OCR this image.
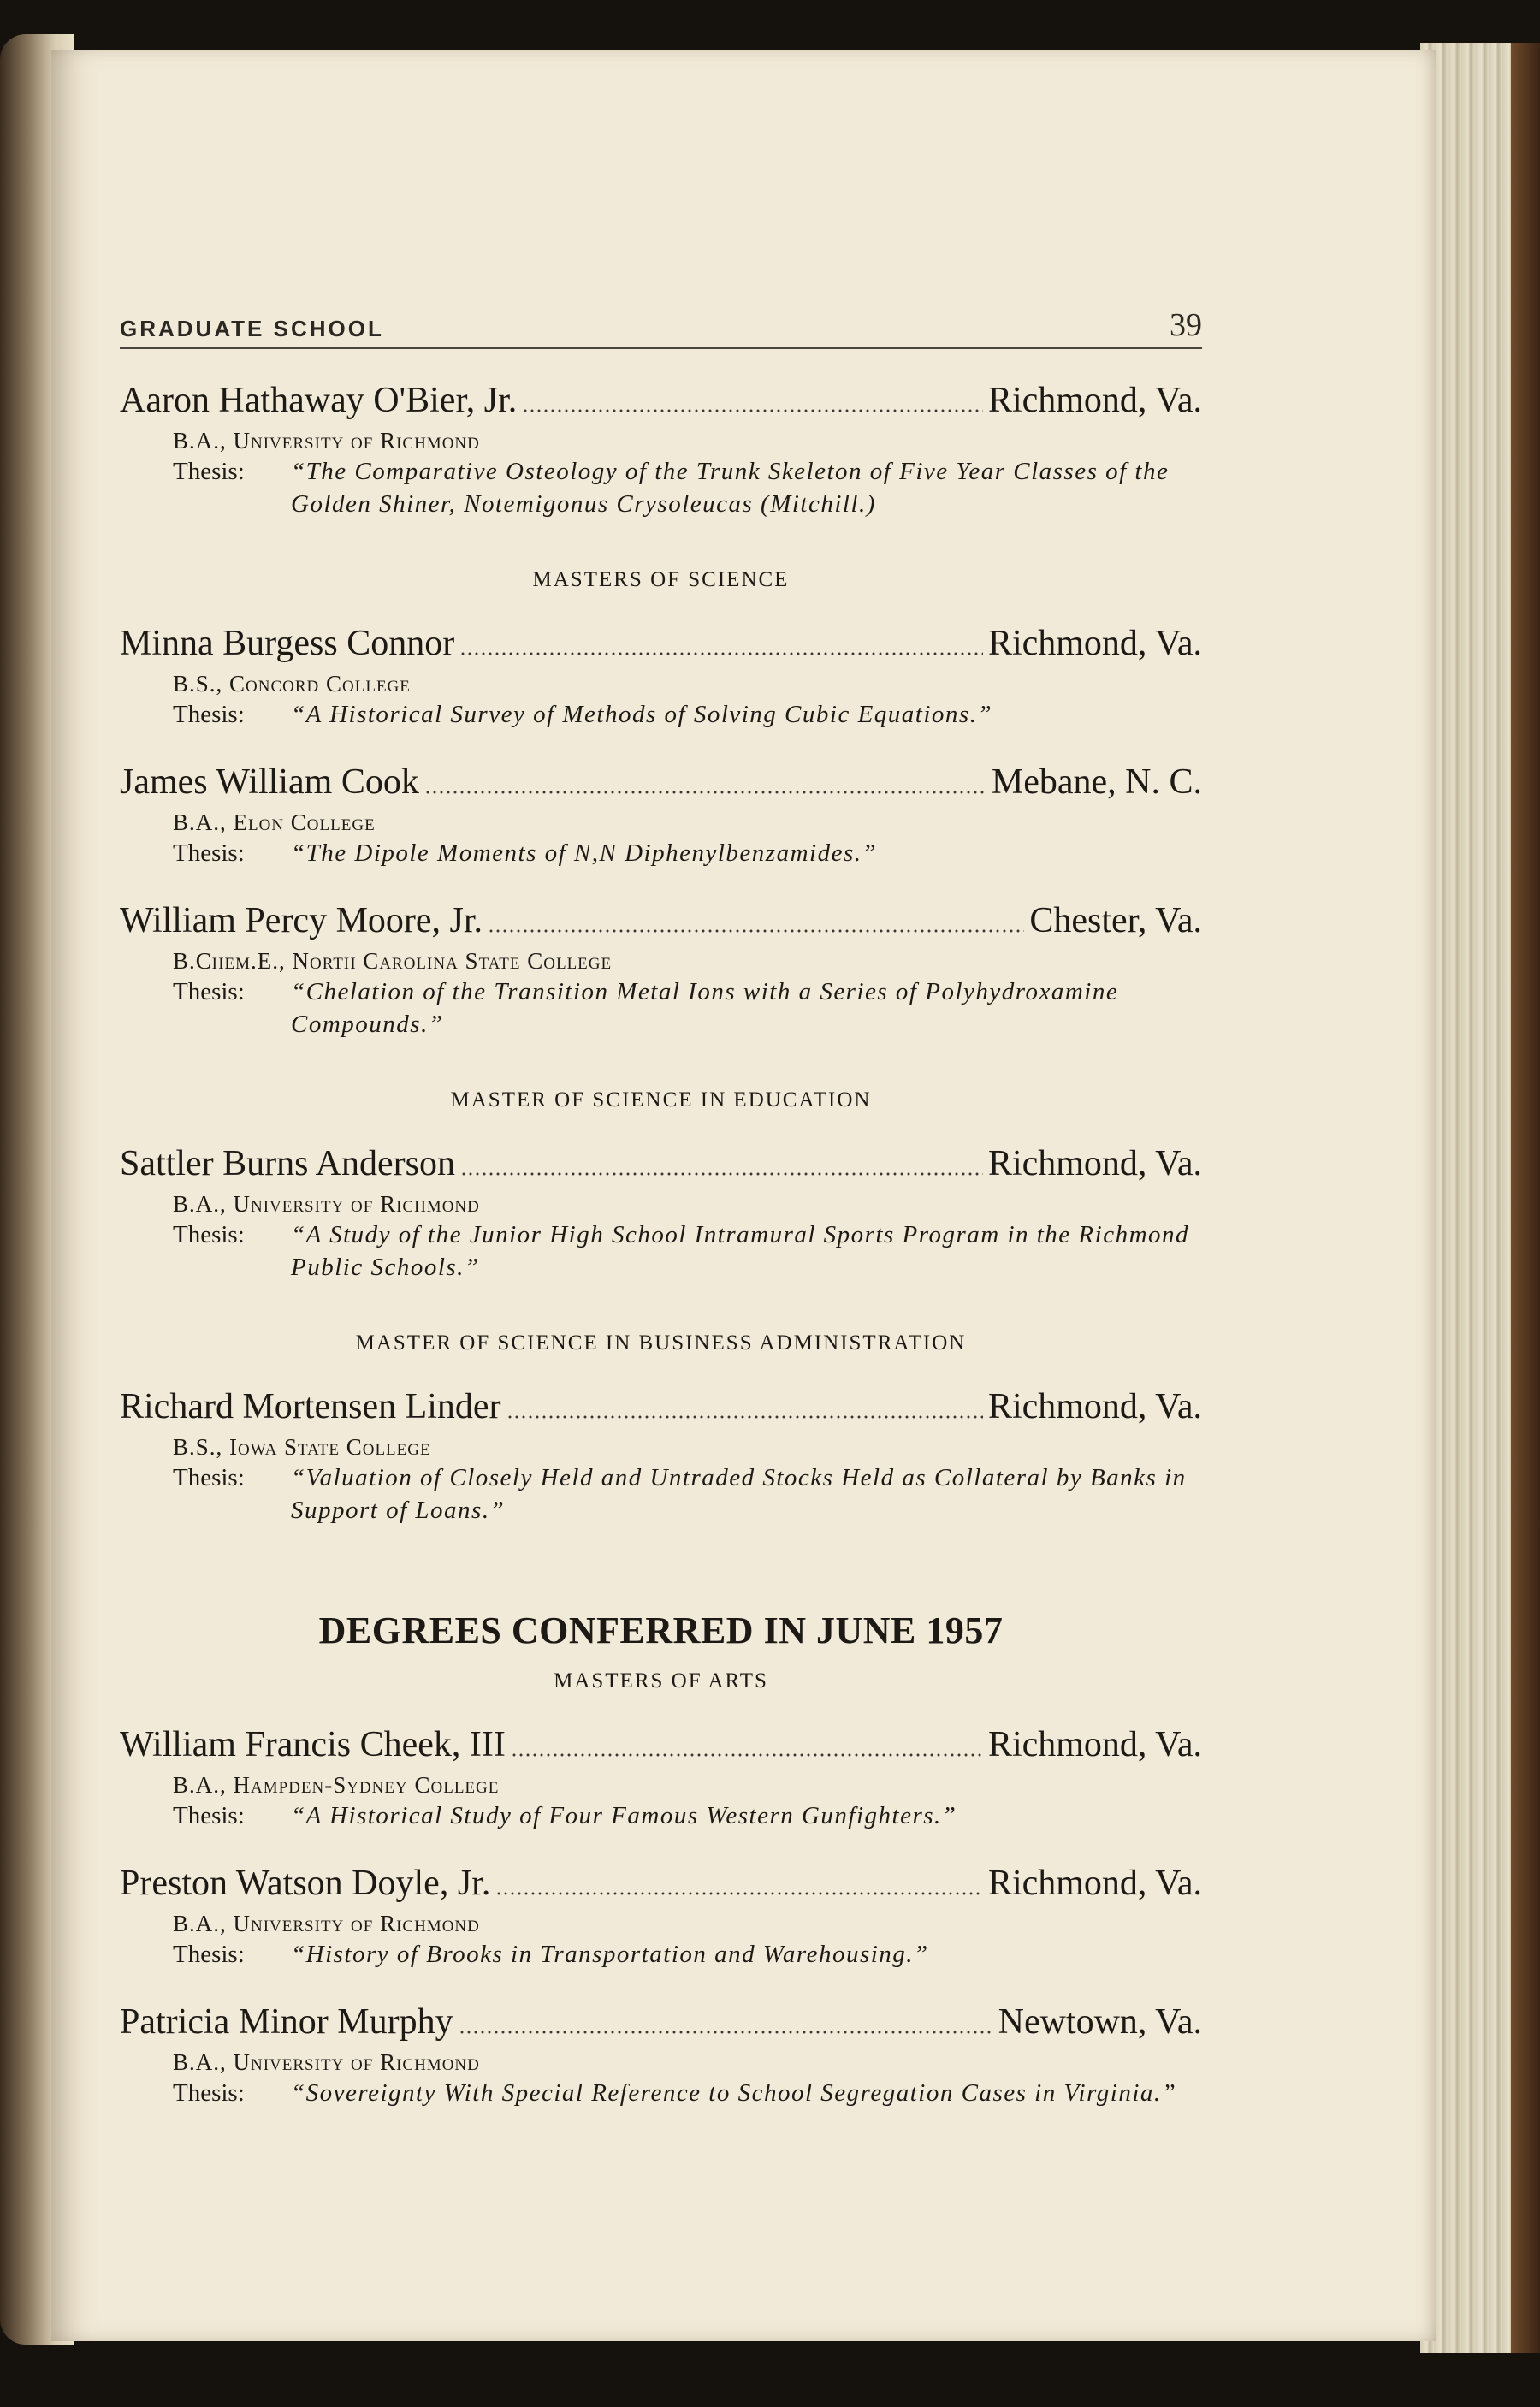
GRADUATE SCHOOL	39
Aaron Hathaway O'Bier, Jr.	Richmond, Va.
B.A., University of Richmond
Thesis:	“The Comparative Osteology of the Trunk Skeleton of Five Year Classes of the Golden Shiner, Notemigonus Crysoleucas (Mitchill.)
MASTERS OF SCIENCE
Minna Burgess Connor	Richmond, Va.
B.S., Concord College
Thesis:	“A Historical Survey of Methods of Solving Cubic Equations.”
James William Cook	Mebane, N. C.
B.A., Elon College
Thesis:	“The Dipole Moments of N,N Diphenylbenzamides.”
William Percy Moore, Jr.	Chester, Va.
B.Chem.E., North Carolina State College
Thesis:	“Chelation of the Transition Metal Ions with a Series of Polyhydroxamine Compounds.”
MASTER OF SCIENCE IN EDUCATION
Sattler Burns Anderson	Richmond, Va.
B.A., University of Richmond
Thesis:	“A Study of the Junior High School Intramural Sports Program in the Richmond Public Schools.”
MASTER OF SCIENCE IN BUSINESS ADMINISTRATION
Richard Mortensen Linder	Richmond, Va.
B.S., Iowa State College
Thesis:	“Valuation of Closely Held and Untraded Stocks Held as Collateral by Banks in Support of Loans.”
DEGREES CONFERRED IN JUNE 1957
MASTERS OF ARTS
William Francis Cheek, III	Richmond, Va.
B.A., Hampden-Sydney College
Thesis:	“A Historical Study of Four Famous Western Gunfighters.”
Preston Watson Doyle, Jr.	Richmond, Va.
B.A., University of Richmond
Thesis:	“History of Brooks in Transportation and Warehousing.”
Patricia Minor Murphy	Newtown, Va.
B.A., University of Richmond
Thesis:	“Sovereignty With Special Reference to School Segregation Cases in Virginia.”
